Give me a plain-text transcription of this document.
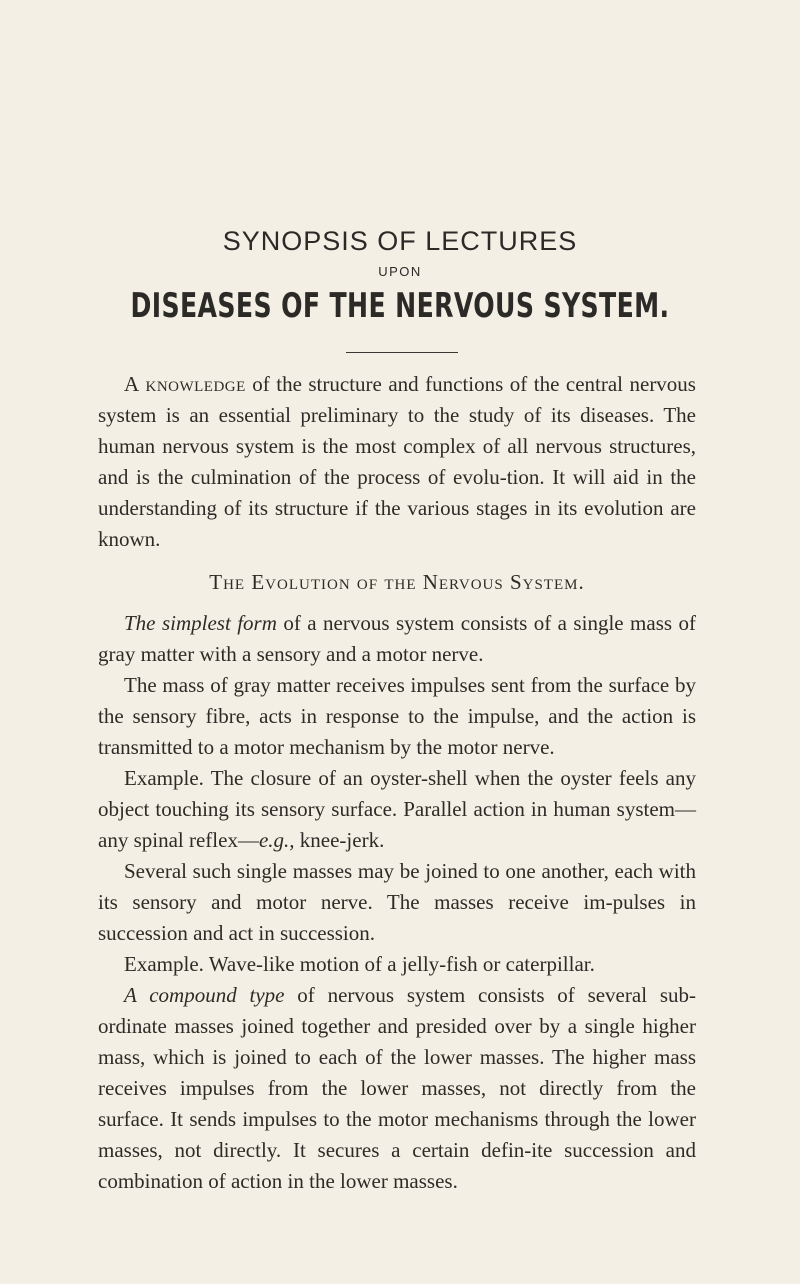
SYNOPSIS OF LECTURES
UPON
DISEASES OF THE NERVOUS SYSTEM.

A knowledge of the structure and functions of the central nervous system is an essential preliminary to the study of its diseases. The human nervous system is the most complex of all nervous structures, and is the culmination of the process of evolu-tion. It will aid in the understanding of its structure if the various stages in its evolution are known.

The Evolution of the Nervous System.

The simplest form of a nervous system consists of a single mass of gray matter with a sensory and a motor nerve.

The mass of gray matter receives impulses sent from the surface by the sensory fibre, acts in response to the impulse, and the action is transmitted to a motor mechanism by the motor nerve.

Example. The closure of an oyster-shell when the oyster feels any object touching its sensory surface. Parallel action in human system—any spinal reflex—e.g., knee-jerk.

Several such single masses may be joined to one another, each with its sensory and motor nerve. The masses receive im-pulses in succession and act in succession.

Example. Wave-like motion of a jelly-fish or caterpillar.

A compound type of nervous system consists of several sub-ordinate masses joined together and presided over by a single higher mass, which is joined to each of the lower masses. The higher mass receives impulses from the lower masses, not directly from the surface. It sends impulses to the motor mechanisms through the lower masses, not directly. It secures a certain defin-ite succession and combination of action in the lower masses.
